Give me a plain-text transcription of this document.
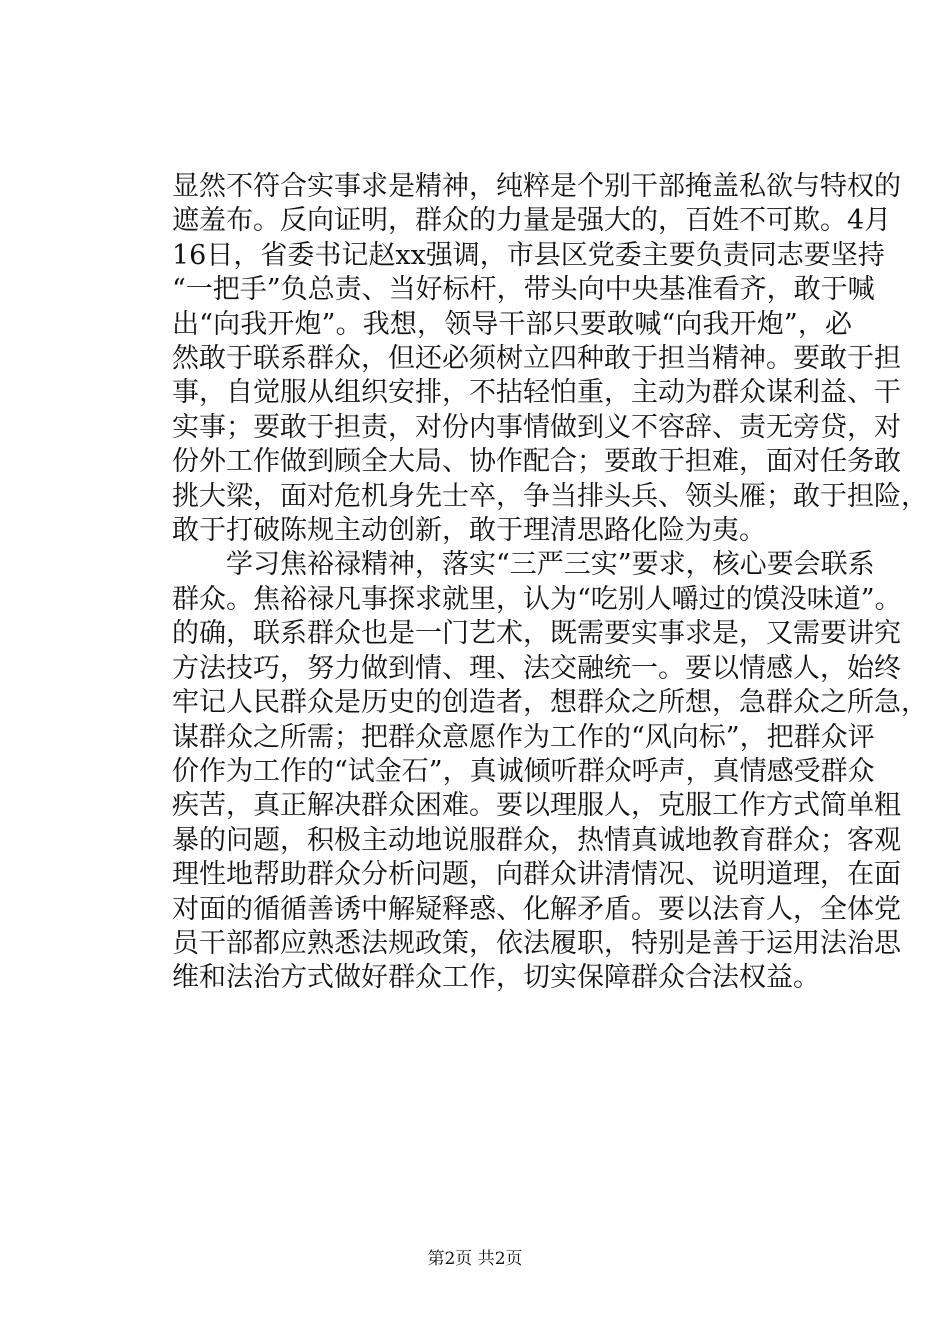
显然不符合实事求是精神，纯粹是个别干部掩盖私欲与特权的
遮羞布。反向证明，群众的力量是强大的，百姓不可欺。4月
16日，省委书记赵xx强调，市县区党委主要负责同志要坚持
“一把手”负总责、当好标杆，带头向中央基准看齐，敢于喊
出“向我开炮”。我想，领导干部只要敢喊“向我开炮”，必
然敢于联系群众，但还必须树立四种敢于担当精神。要敢于担
事，自觉服从组织安排，不拈轻怕重，主动为群众谋利益、干
实事；要敢于担责，对份内事情做到义不容辞、责无旁贷，对
份外工作做到顾全大局、协作配合；要敢于担难，面对任务敢
挑大梁，面对危机身先士卒，争当排头兵、领头雁；敢于担险，
敢于打破陈规主动创新，敢于理清思路化险为夷。
学习焦裕禄精神，落实“三严三实”要求，核心要会联系
群众。焦裕禄凡事探求就里，认为“吃别人嚼过的馍没味道”。
的确，联系群众也是一门艺术，既需要实事求是，又需要讲究
方法技巧，努力做到情、理、法交融统一。要以情感人，始终
牢记人民群众是历史的创造者，想群众之所想，急群众之所急，
谋群众之所需；把群众意愿作为工作的“风向标”，把群众评
价作为工作的“试金石”，真诚倾听群众呼声，真情感受群众
疾苦，真正解决群众困难。要以理服人，克服工作方式简单粗
暴的问题，积极主动地说服群众，热情真诚地教育群众；客观
理性地帮助群众分析问题，向群众讲清情况、说明道理，在面
对面的循循善诱中解疑释惑、化解矛盾。要以法育人，全体党
员干部都应熟悉法规政策，依法履职，特别是善于运用法治思
维和法治方式做好群众工作，切实保障群众合法权益。
第2页 共2页
